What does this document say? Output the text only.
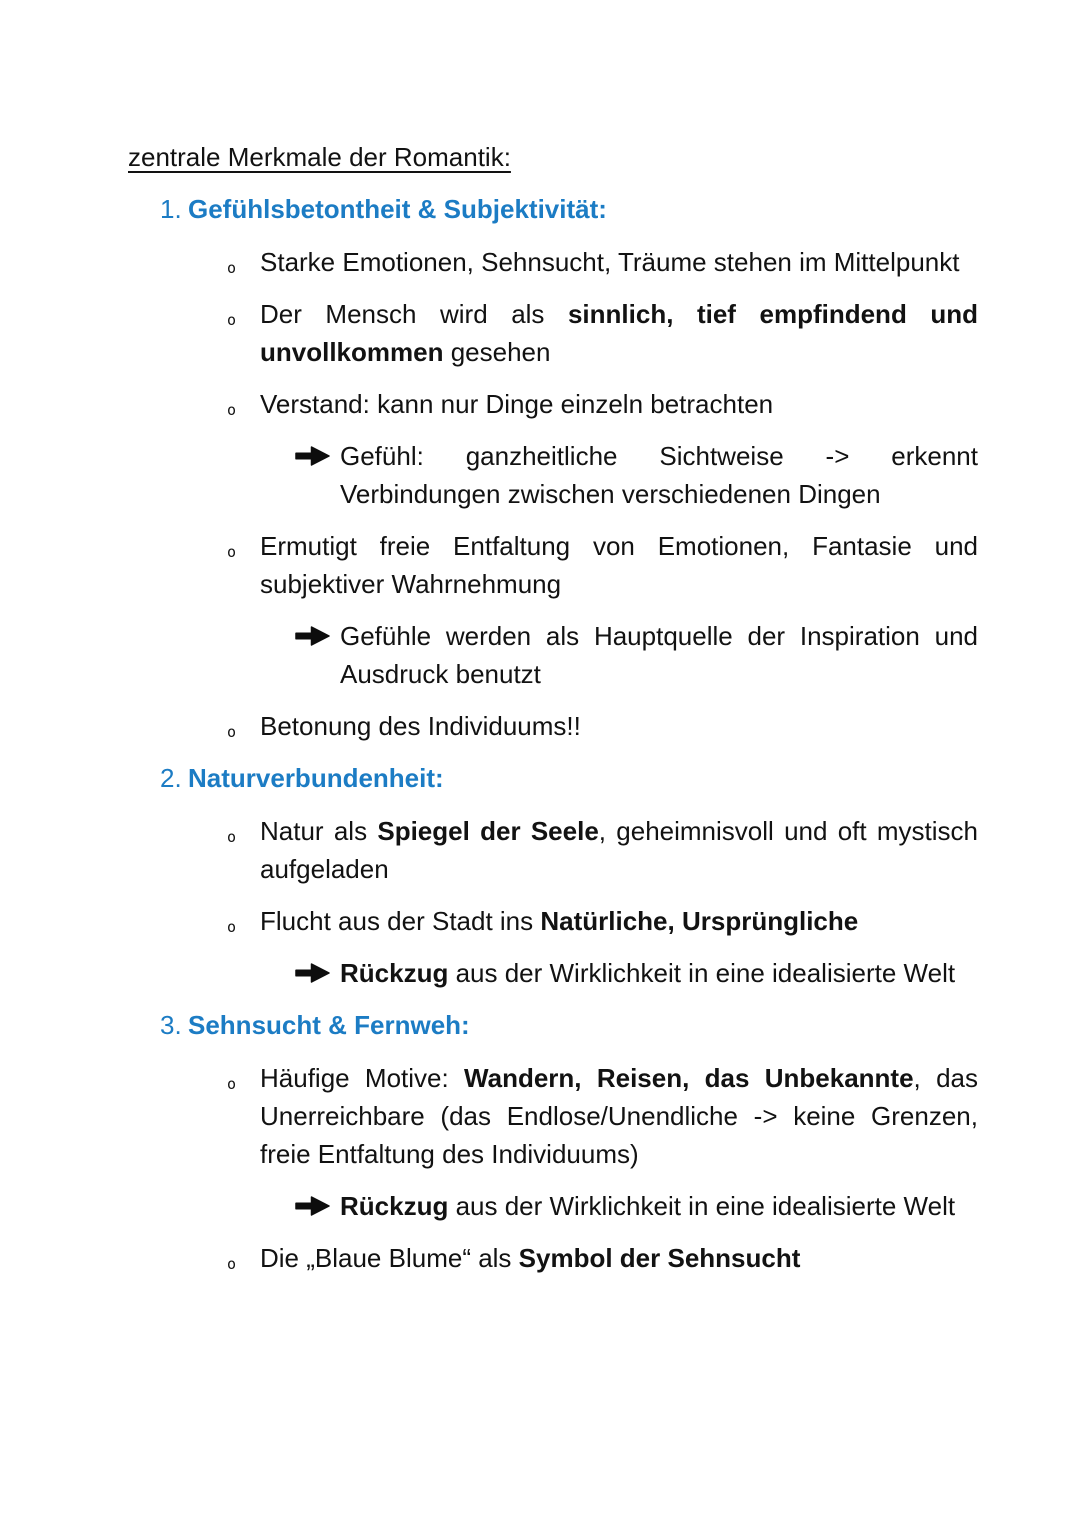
zentrale Merkmale der Romantik:

1. Gefühlsbetontheit & Subjektivität:

o Starke Emotionen, Sehnsucht, Träume stehen im Mittelpunkt

o Der Mensch wird als sinnlich, tief empfindend und unvollkommen gesehen

o Verstand: kann nur Dinge einzeln betrachten

Gefühl: ganzheitliche Sichtweise -> erkennt Verbindungen zwischen verschiedenen Dingen

o Ermutigt freie Entfaltung von Emotionen, Fantasie und subjektiver Wahrnehmung

Gefühle werden als Hauptquelle der Inspiration und Ausdruck benutzt

o Betonung des Individuums!!

2. Naturverbundenheit:

o Natur als Spiegel der Seele, geheimnisvoll und oft mystisch aufgeladen

o Flucht aus der Stadt ins Natürliche, Ursprüngliche

Rückzug aus der Wirklichkeit in eine idealisierte Welt

3. Sehnsucht & Fernweh:

o Häufige Motive: Wandern, Reisen, das Unbekannte, das Unerreichbare (das Endlose/Unendliche -> keine Grenzen, freie Entfaltung des Individuums)

Rückzug aus der Wirklichkeit in eine idealisierte Welt

o Die „Blaue Blume“ als Symbol der Sehnsucht
